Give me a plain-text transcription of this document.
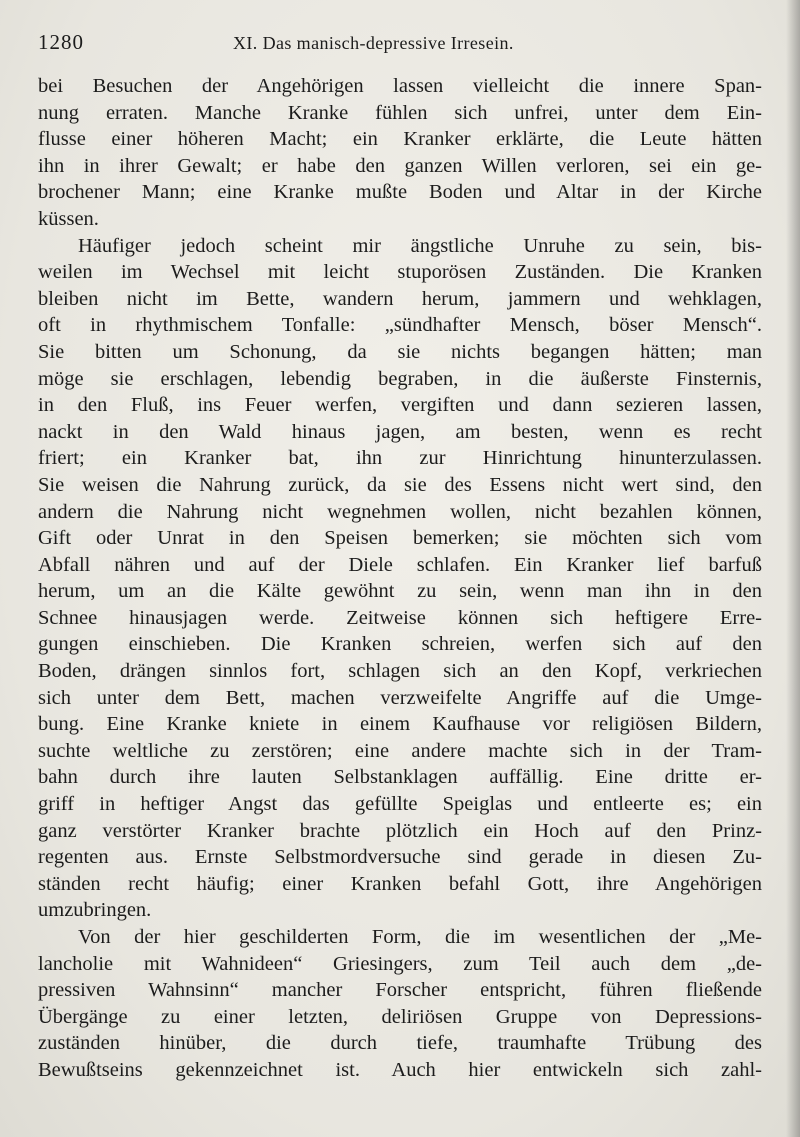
1280	XI. Das manisch-depressive Irresein.
bei Besuchen der Angehörigen lassen vielleicht die innere Span-
nung erraten. Manche Kranke fühlen sich unfrei, unter dem Ein-
flusse einer höheren Macht; ein Kranker erklärte, die Leute hätten
ihn in ihrer Gewalt; er habe den ganzen Willen verloren, sei ein ge-
brochener Mann; eine Kranke mußte Boden und Altar in der Kirche
küssen.
Häufiger jedoch scheint mir ängstliche Unruhe zu sein, bis-
weilen im Wechsel mit leicht stuporösen Zuständen. Die Kranken
bleiben nicht im Bette, wandern herum, jammern und wehklagen,
oft in rhythmischem Tonfalle: „sündhafter Mensch, böser Mensch“.
Sie bitten um Schonung, da sie nichts begangen hätten; man
möge sie erschlagen, lebendig begraben, in die äußerste Finsternis,
in den Fluß, ins Feuer werfen, vergiften und dann sezieren lassen,
nackt in den Wald hinaus jagen, am besten, wenn es recht
friert; ein Kranker bat, ihn zur Hinrichtung hinunterzulassen.
Sie weisen die Nahrung zurück, da sie des Essens nicht wert sind, den
andern die Nahrung nicht wegnehmen wollen, nicht bezahlen können,
Gift oder Unrat in den Speisen bemerken; sie möchten sich vom
Abfall nähren und auf der Diele schlafen. Ein Kranker lief barfuß
herum, um an die Kälte gewöhnt zu sein, wenn man ihn in den
Schnee hinausjagen werde. Zeitweise können sich heftigere Erre-
gungen einschieben. Die Kranken schreien, werfen sich auf den
Boden, drängen sinnlos fort, schlagen sich an den Kopf, verkriechen
sich unter dem Bett, machen verzweifelte Angriffe auf die Umge-
bung. Eine Kranke kniete in einem Kaufhause vor religiösen Bildern,
suchte weltliche zu zerstören; eine andere machte sich in der Tram-
bahn durch ihre lauten Selbstanklagen auffällig. Eine dritte er-
griff in heftiger Angst das gefüllte Speiglas und entleerte es; ein
ganz verstörter Kranker brachte plötzlich ein Hoch auf den Prinz-
regenten aus. Ernste Selbstmordversuche sind gerade in diesen Zu-
ständen recht häufig; einer Kranken befahl Gott, ihre Angehörigen
umzubringen.
Von der hier geschilderten Form, die im wesentlichen der „Me-
lancholie mit Wahnideen“ Griesingers, zum Teil auch dem „de-
pressiven Wahnsinn“ mancher Forscher entspricht, führen fließende
Übergänge zu einer letzten, deliriösen Gruppe von Depressions-
zuständen hinüber, die durch tiefe, traumhafte Trübung des
Bewußtseins gekennzeichnet ist. Auch hier entwickeln sich zahl-
